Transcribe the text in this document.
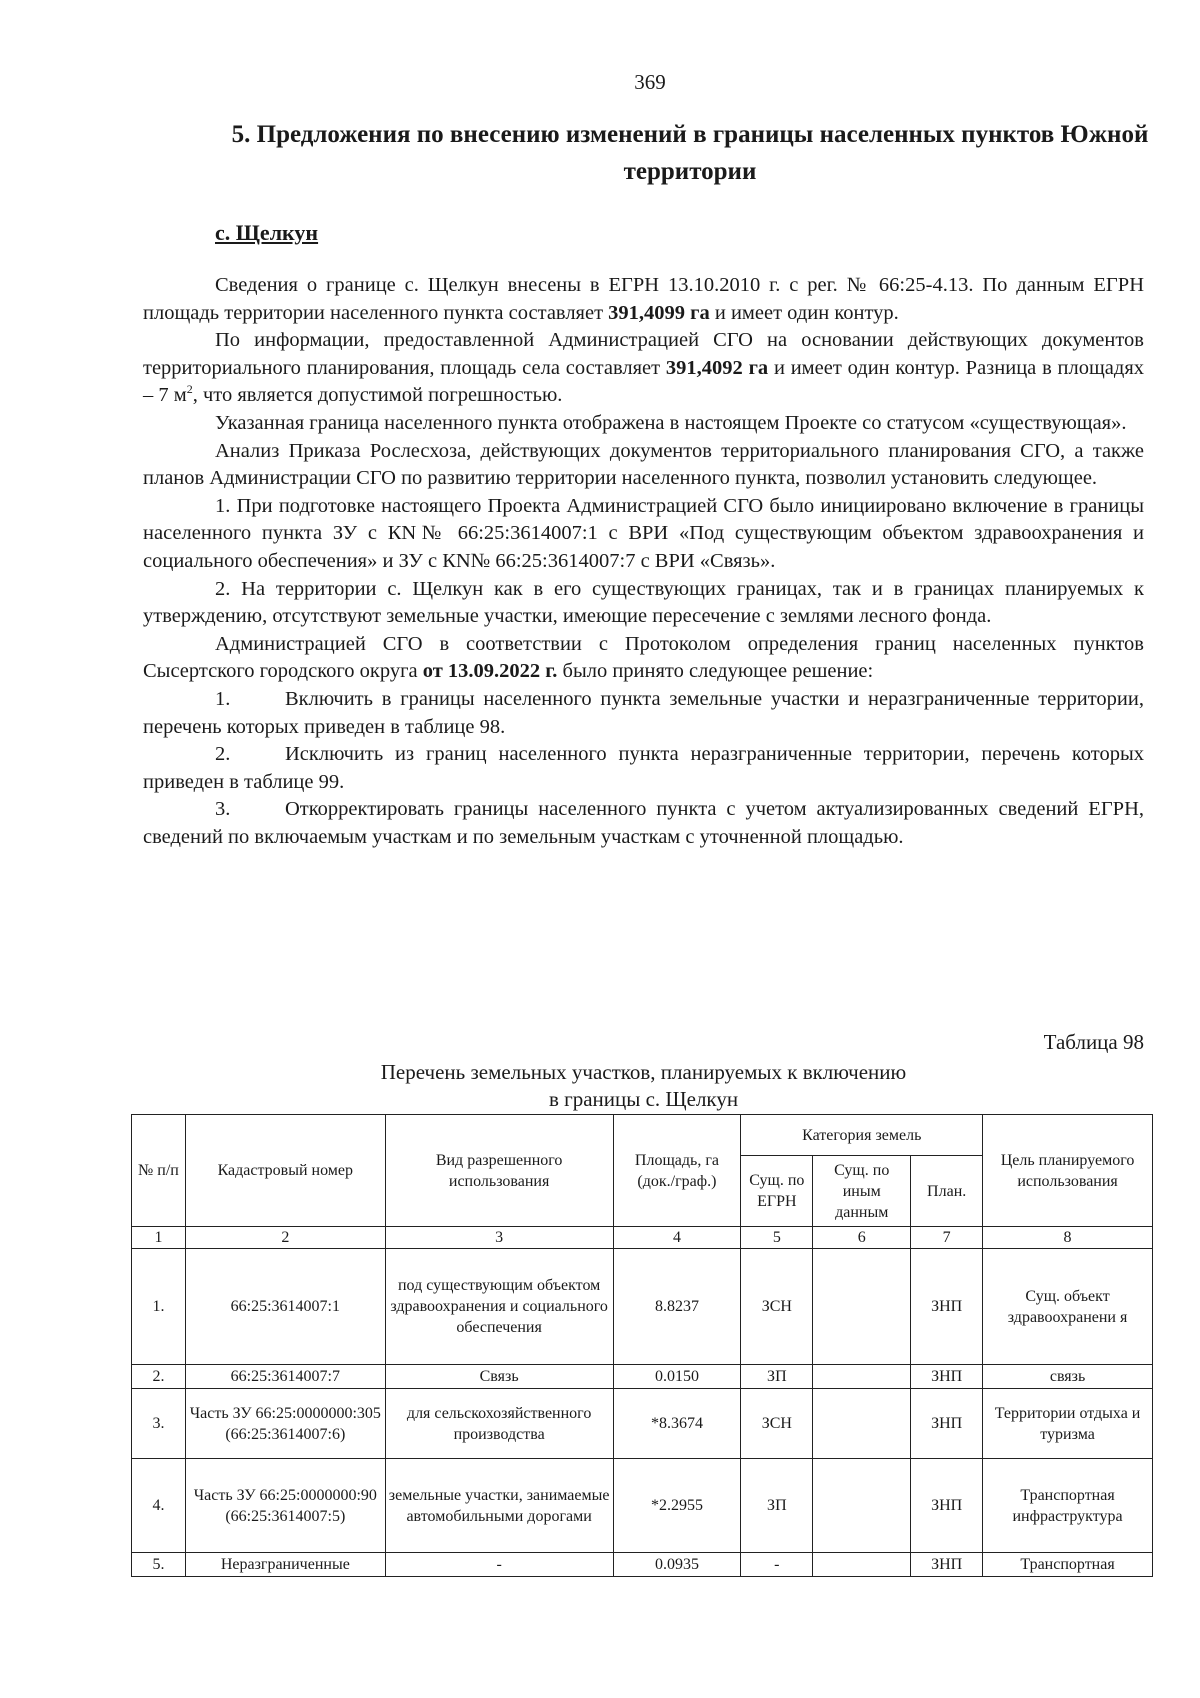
369
5. Предложения по внесению изменений в границы населенных пунктов Южной территории
с. Щелкун

Сведения о границе с. Щелкун внесены в ЕГРН 13.10.2010 г. с рег. № 66:25-4.13. По данным ЕГРН площадь территории населенного пункта составляет 391,4099 га и имеет один контур.

По информации, предоставленной Администрацией СГО на основании действующих документов территориального планирования, площадь села составляет 391,4092 га и имеет один контур. Разница в площадях – 7 $м^2$, что является допустимой погрешностью.

Указанная граница населенного пункта отображена в настоящем Проекте со статусом «существующая».

Анализ Приказа Рослесхоза, действующих документов территориального планирования СГО, а также планов Администрации СГО по развитию территории населенного пункта, позволил установить следующее.

1. При подготовке настоящего Проекта Администрацией СГО было инициировано включение в границы населенного пункта ЗУ с КN№ 66:25:3614007:1 с ВРИ «Под существующим объектом здравоохранения и социального обеспечения» и ЗУ с КN№ 66:25:3614007:7 с ВРИ «Связь».

2. На территории с. Щелкун как в его существующих границах, так и в границах планируемых к утверждению, отсутствуют земельные участки, имеющие пересечение с землями лесного фонда.

Администрацией СГО в соответствии с Протоколом определения границ населенных пунктов Сысертского городского округа от 13.09.2022 г. было принято следующее решение:

1.	Включить в границы населенного пункта земельные участки и неразграниченные территории, перечень которых приведен в таблице 98.

2.	Исключить из границ населенного пункта неразграниченные территории, перечень которых приведен в таблице 99.

3.	Откорректировать границы населенного пункта с учетом актуализированных сведений ЕГРН, сведений по включаемым участкам и по земельным участкам с уточненной площадью.

Таблица 98
Перечень земельных участков, планируемых к включению
в границы с. Щелкун
№ п/п	Кадастровый номер	Вид разрешенного использования	Площадь, га (док./граф.)	Категория земель			Цель планируемого использования
				Сущ. по ЕГРН	Сущ. по иным данным	План.	
1	2	3	4	5	6	7	8
1.	66:25:3614007:1	под существующим объектом здравоохранения и социального обеспечения	8.8237	ЗСН		ЗНП	Сущ. объект здравоохранени я
2.	66:25:3614007:7	Связь	0.0150	ЗП		ЗНП	связь
3.	Часть ЗУ 66:25:0000000:305 (66:25:3614007:6)	для сельскохозяйственного производства	*8.3674	ЗСН		ЗНП	Территории отдыха и туризма
4.	Часть ЗУ 66:25:0000000:90 (66:25:3614007:5)	земельные участки, занимаемые автомобильными дорогами	*2.2955	ЗП		ЗНП	Транспортная инфраструктура
5.	Неразграниченные	-	0.0935	-		ЗНП	Транспортная
